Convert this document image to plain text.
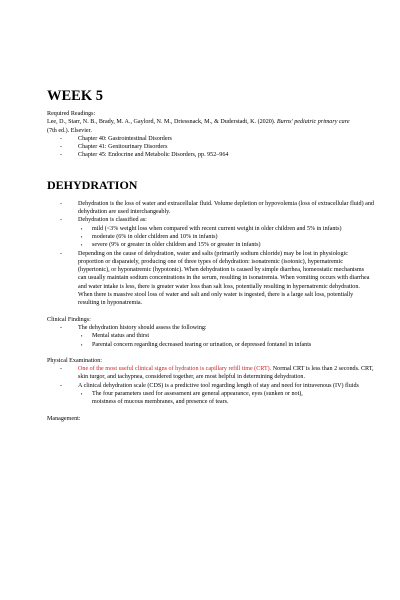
WEEK 5

Required Readings:

Lee, D., Starr, N. B., Brady, M. A., Gaylord, N. M., Driessnack, M., & Duderstadt, K. (2020). Burns' pediatric primary care (7th ed.). Elsevier.

- Chapter 40: Gastrointestinal Disorders
- Chapter 41: Genitourinary Disorders
- Chapter 45: Endocrine and Metabolic Disorders, pp. 952–964
DEHYDRATION
- Dehydration is the loss of water and extracellular fluid. Volume depletion or hypovolemia (loss of extracellular fluid) and dehydration are used interchangeably.
- Dehydration is classified as:
▪ mild (<3% weight loss when compared with recent current weight in older children and 5% in infants)
▪ moderate (6% in older children and 10% in infants)
▪ severe (9% or greater in older children and 15% or greater in infants)
- Depending on the cause of dehydration, water and salts (primarily sodium chloride) may be lost in physiologic proportion or disparately, producing one of three types of dehydration: isonatremic (isotonic), hypernatremic (hypertonic), or hyponatremic (hypotonic). When dehydration is caused by simple diarrhea, homeostatic mechanisms can usually maintain sodium concentrations in the serum, resulting in isonatremia. When vomiting occurs with diarrhea and water intake is less, there is greater water loss than salt loss, potentially resulting in hypernatremic dehydration. When there is massive stool loss of water and salt and only water is ingested, there is a large salt loss, potentially resulting in hyponatremia.

Clinical Findings:

- The dehydration history should assess the following:
▪ Mental status and thirst
▪ Parental concern regarding decreased tearing or urination, or depressed fontanel in infants

Physical Examination:

- One of the most useful clinical signs of hydration is capillary refill time (CRT). Normal CRT is less than 2 seconds. CRT, skin turgor, and tachypnea, considered together, are most helpful in determining dehydration.
- A clinical dehydration scale (CDS) is a predictive tool regarding length of stay and need for intravenous (IV) fluids
▪ The four parameters used for assessment are general appearance, eyes (sunken or not), moistness of mucous membranes, and presence of tears.

Management:
